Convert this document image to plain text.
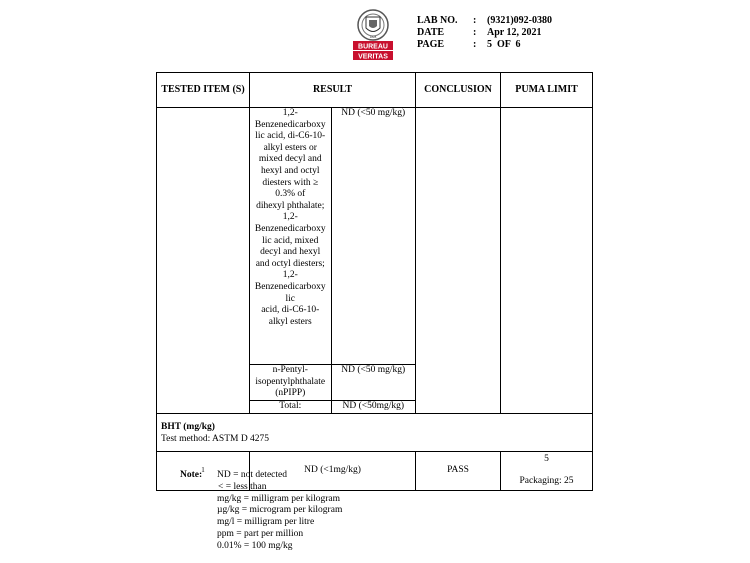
BUREAU
VERITAS
1828
LAB NO.	:	(9321)092-0380
DATE	:	Apr 12, 2021
PAGE	:	5  OF  6
TESTED ITEM (S)	RESULT	CONCLUSION	PUMA LIMIT

1,2-
Benzenedicarboxy
lic acid, di-C6-10-
alkyl esters or
mixed decyl and
hexyl and octyl
diesters with ≥
0.3% of
dihexyl phthalate;
1,2-
Benzenedicarboxy
lic acid, mixed
decyl and hexyl
and octyl diesters;
1,2-
Benzenedicarboxy
lic
acid, di-C6-10-
alkyl esters	ND (<50 mg/kg)
n-Pentyl-
isopentylphthalate
(nPIPP)	ND (<50 mg/kg)
Total:	ND (<50mg/kg)

BHT (mg/kg)
Test method: ASTM D 4275

1	ND (<1mg/kg)	PASS	
5
Packaging: 25
Note: ND = not detected
< = less than
mg/kg = milligram per kilogram
µg/kg = microgram per kilogram
mg/l = milligram per litre
ppm = part per million
0.01% = 100 mg/kg
